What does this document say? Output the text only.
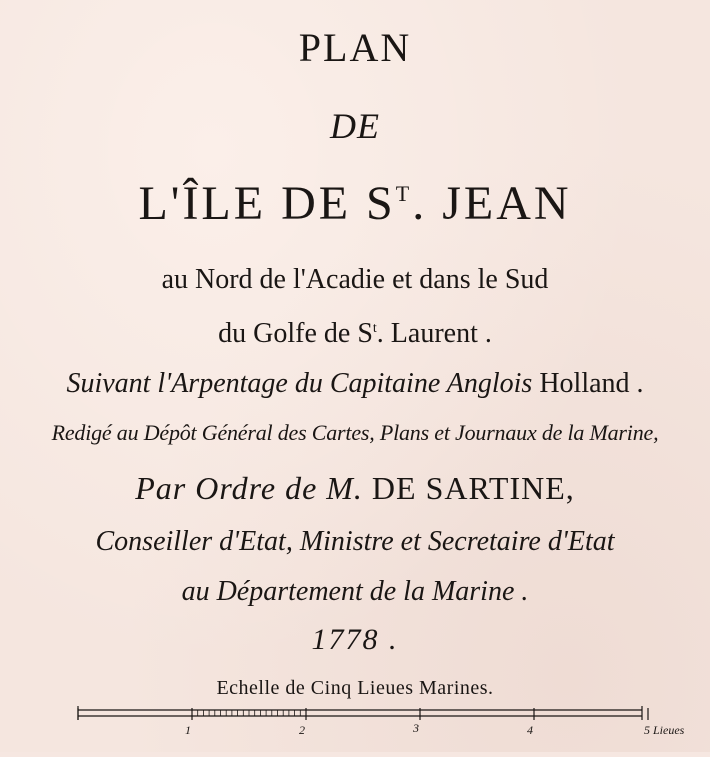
PLAN
DE
L'ÎLE DE $S^T$. JEAN
au Nord de l'Acadie et dans le Sud
du Golfe de $S^t$. Laurent .
Suivant l'Arpentage du Capitaine Anglois Holland .
Redigé au Dépôt Général des Cartes, Plans et Journaux de la Marine,
Par Ordre de M. DE SARTINE,
Conseiller d'Etat, Ministre et Secretaire d'Etat
au Département de la Marine .
1778 .
Echelle de Cinq Lieues Marines.
1	2	3	4	5 Lieues
